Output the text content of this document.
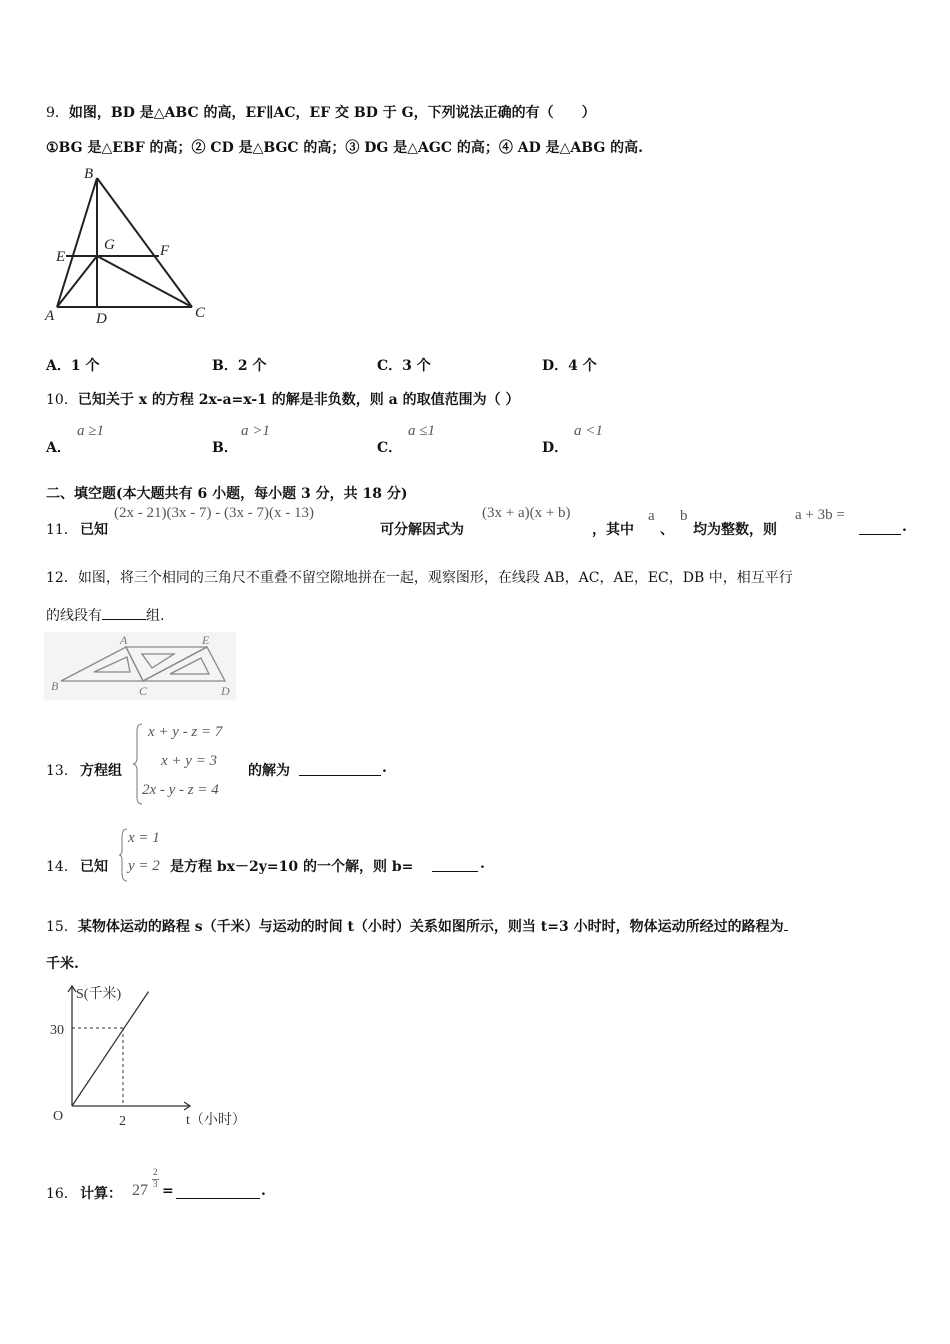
9．如图，BD 是△ABC 的高，EF∥AC，EF 交 BD 于 G，下列说法正确的有（　　）
①BG 是△EBF 的高；② CD 是△BGC 的高；③ DG 是△AGC 的高；④ AD 是△ABG 的高.
B
E
G	F
A	D	C
A．1 个	B．2 个	C．3 个	D．4 个
10．已知关于 x 的方程 2x-a=x-1 的解是非负数，则 a 的取值范围为（ ）
A．
a ≥1
B．
a >1
C．
a ≤1
D．
a <1
二、填空题(本大题共有 6 小题，每小题 3 分，共 18 分)
11． 已知
(2x - 21)(3x - 7) - (3x - 7)(x - 13)
可分解因式为
(3x + a)(x + b)
，其中
a
、
b
均为整数，则
a + 3b =
.
12．如图，将三个相同的三角尺不重叠不留空隙地拼在一起，观察图形，在线段 AB，AC，AE，EC，DB 中，相互平行
的线段有	组.
A	E
B	C	D
13． 方程组
x + y - z = 7
x + y = 3
2x - y - z = 4
的解为	.
14． 已知
x = 1
y = 2 是方程 bx－2y=10 的一个解，则 b=	.
15．某物体运动的路程 s（千米）与运动的时间 t（小时）关系如图所示，则当 t=3 小时时，物体运动所经过的路程为
千米.
S(千米)
t（小时）
O
30
2
16． 计算： 27
2
3 =	.
